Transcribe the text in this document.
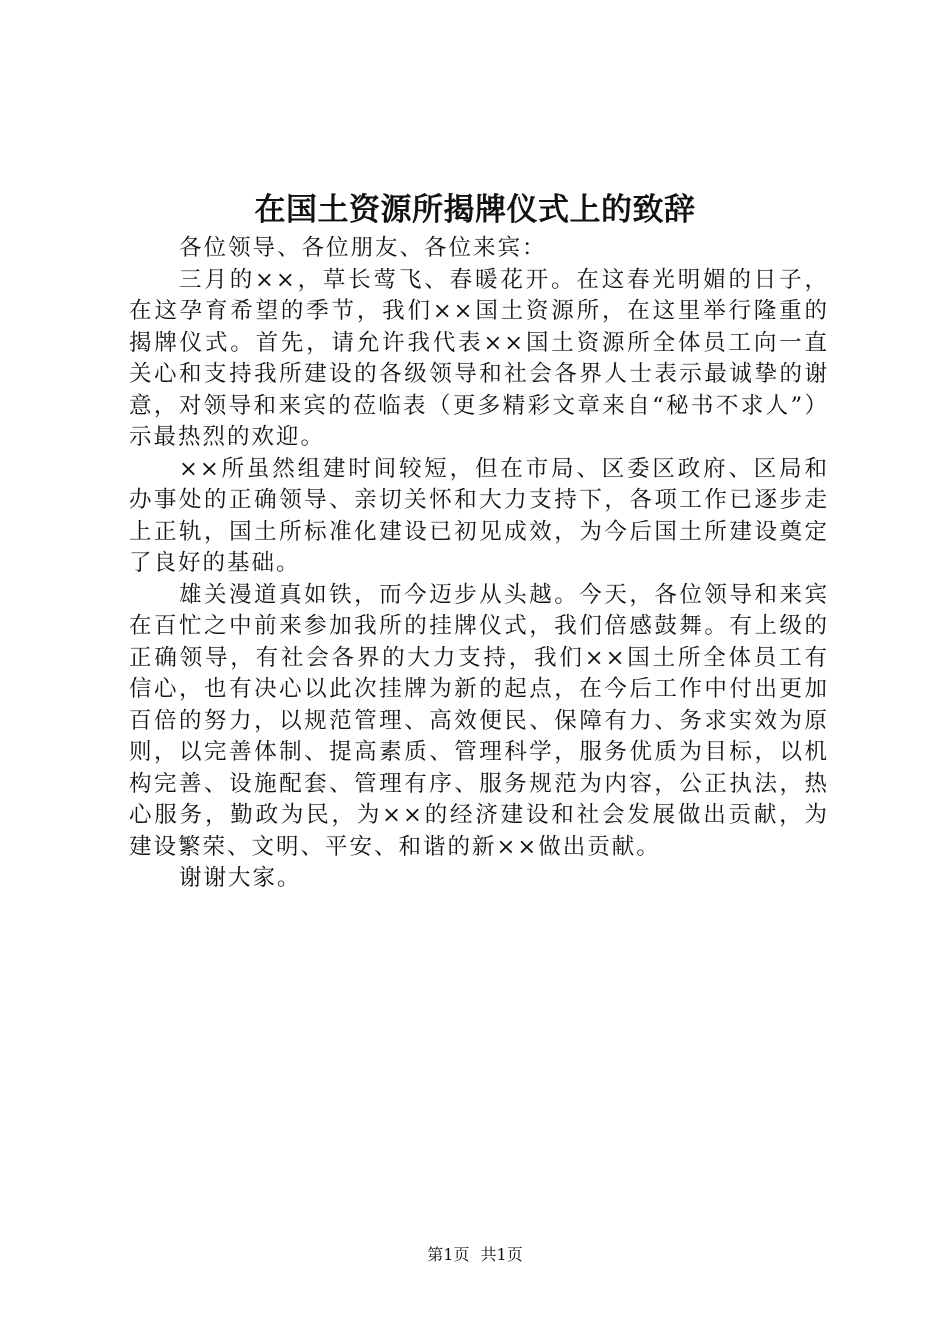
在国土资源所揭牌仪式上的致辞

各位领导、各位朋友、各位来宾：

三月的××，草长莺飞、春暖花开。在这春光明媚的日子，在这孕育希望的季节，我们××国土资源所，在这里举行隆重的揭牌仪式。首先，请允许我代表××国土资源所全体员工向一直关心和支持我所建设的各级领导和社会各界人士表示最诚挚的谢意，对领导和来宾的莅临表（更多精彩文章来自“秘书不求人”）示最热烈的欢迎。

××所虽然组建时间较短，但在市局、区委区政府、区局和办事处的正确领导、亲切关怀和大力支持下，各项工作已逐步走上正轨，国土所标准化建设已初见成效，为今后国土所建设奠定了良好的基础。

雄关漫道真如铁，而今迈步从头越。今天，各位领导和来宾在百忙之中前来参加我所的挂牌仪式，我们倍感鼓舞。有上级的正确领导，有社会各界的大力支持，我们××国土所全体员工有信心，也有决心以此次挂牌为新的起点，在今后工作中付出更加百倍的努力，以规范管理、高效便民、保障有力、务求实效为原则，以完善体制、提高素质、管理科学，服务优质为目标，以机构完善、设施配套、管理有序、服务规范为内容，公正执法，热心服务，勤政为民，为××的经济建设和社会发展做出贡献，为建设繁荣、文明、平安、和谐的新××做出贡献。

谢谢大家。

第1页 共1页
